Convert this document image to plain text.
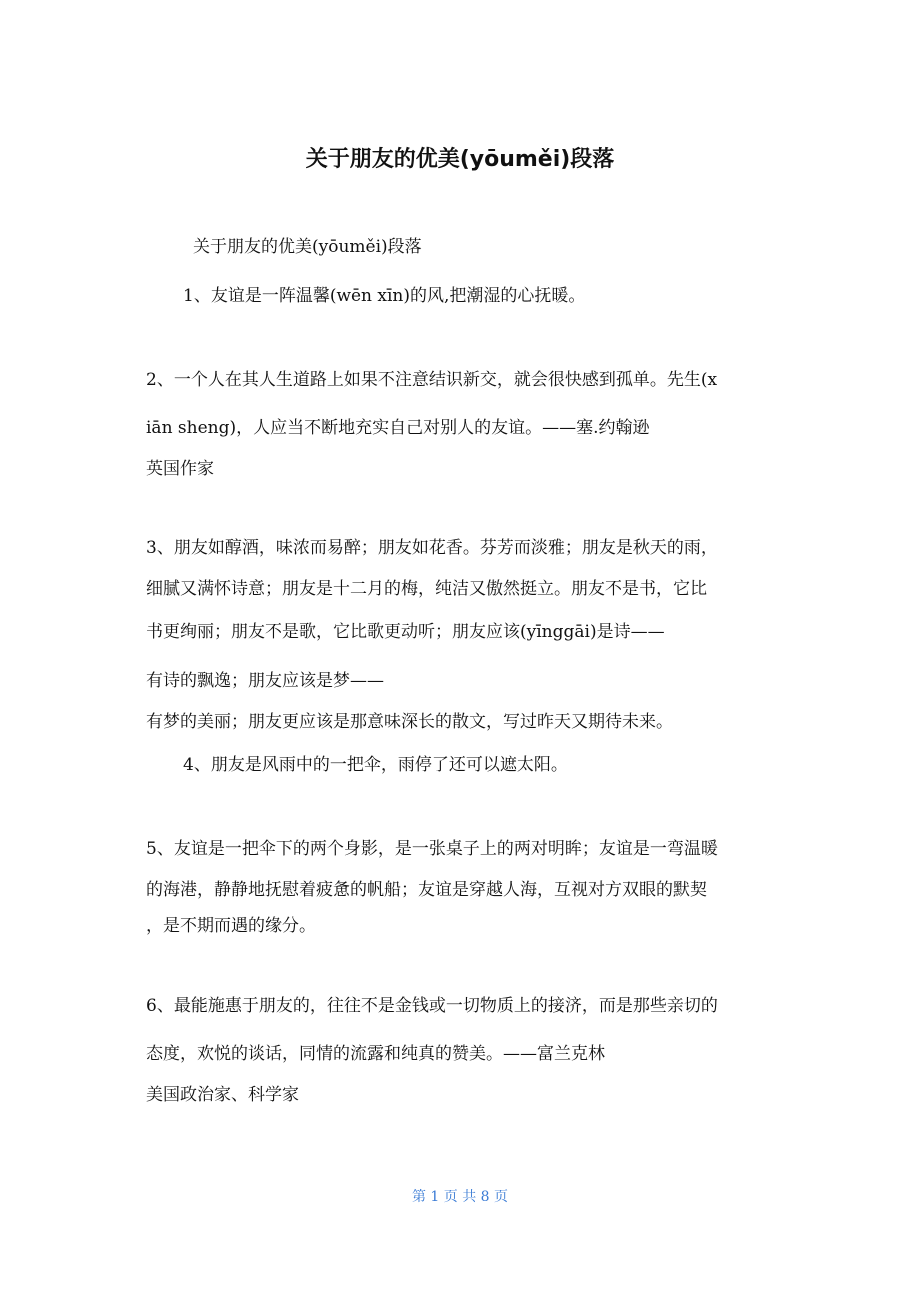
关于朋友的优美(yōuměi)段落
关于朋友的优美(yōuměi)段落
1、友谊是一阵温馨(wēn xīn)的风,把潮湿的心抚暖。
2、一个人在其人生道路上如果不注意结识新交，就会很快感到孤单。先生(x
iān sheng)，人应当不断地充实自己对别人的友谊。——塞.约翰逊
英国作家
3、朋友如醇酒，味浓而易醉；朋友如花香。芬芳而淡雅；朋友是秋天的雨，
细腻又满怀诗意；朋友是十二月的梅，纯洁又傲然挺立。朋友不是书，它比
书更绚丽；朋友不是歌，它比歌更动听；朋友应该(yīnggāi)是诗——
有诗的飘逸；朋友应该是梦——
有梦的美丽；朋友更应该是那意味深长的散文，写过昨天又期待未来。
4、朋友是风雨中的一把伞，雨停了还可以遮太阳。
5、友谊是一把伞下的两个身影，是一张桌子上的两对明眸；友谊是一弯温暖
的海港，静静地抚慰着疲惫的帆船；友谊是穿越人海，互视对方双眼的默契
，是不期而遇的缘分。
6、最能施惠于朋友的，往往不是金钱或一切物质上的接济，而是那些亲切的
态度，欢悦的谈话，同情的流露和纯真的赞美。——富兰克林
美国政治家、科学家
第 1 页 共 8 页
